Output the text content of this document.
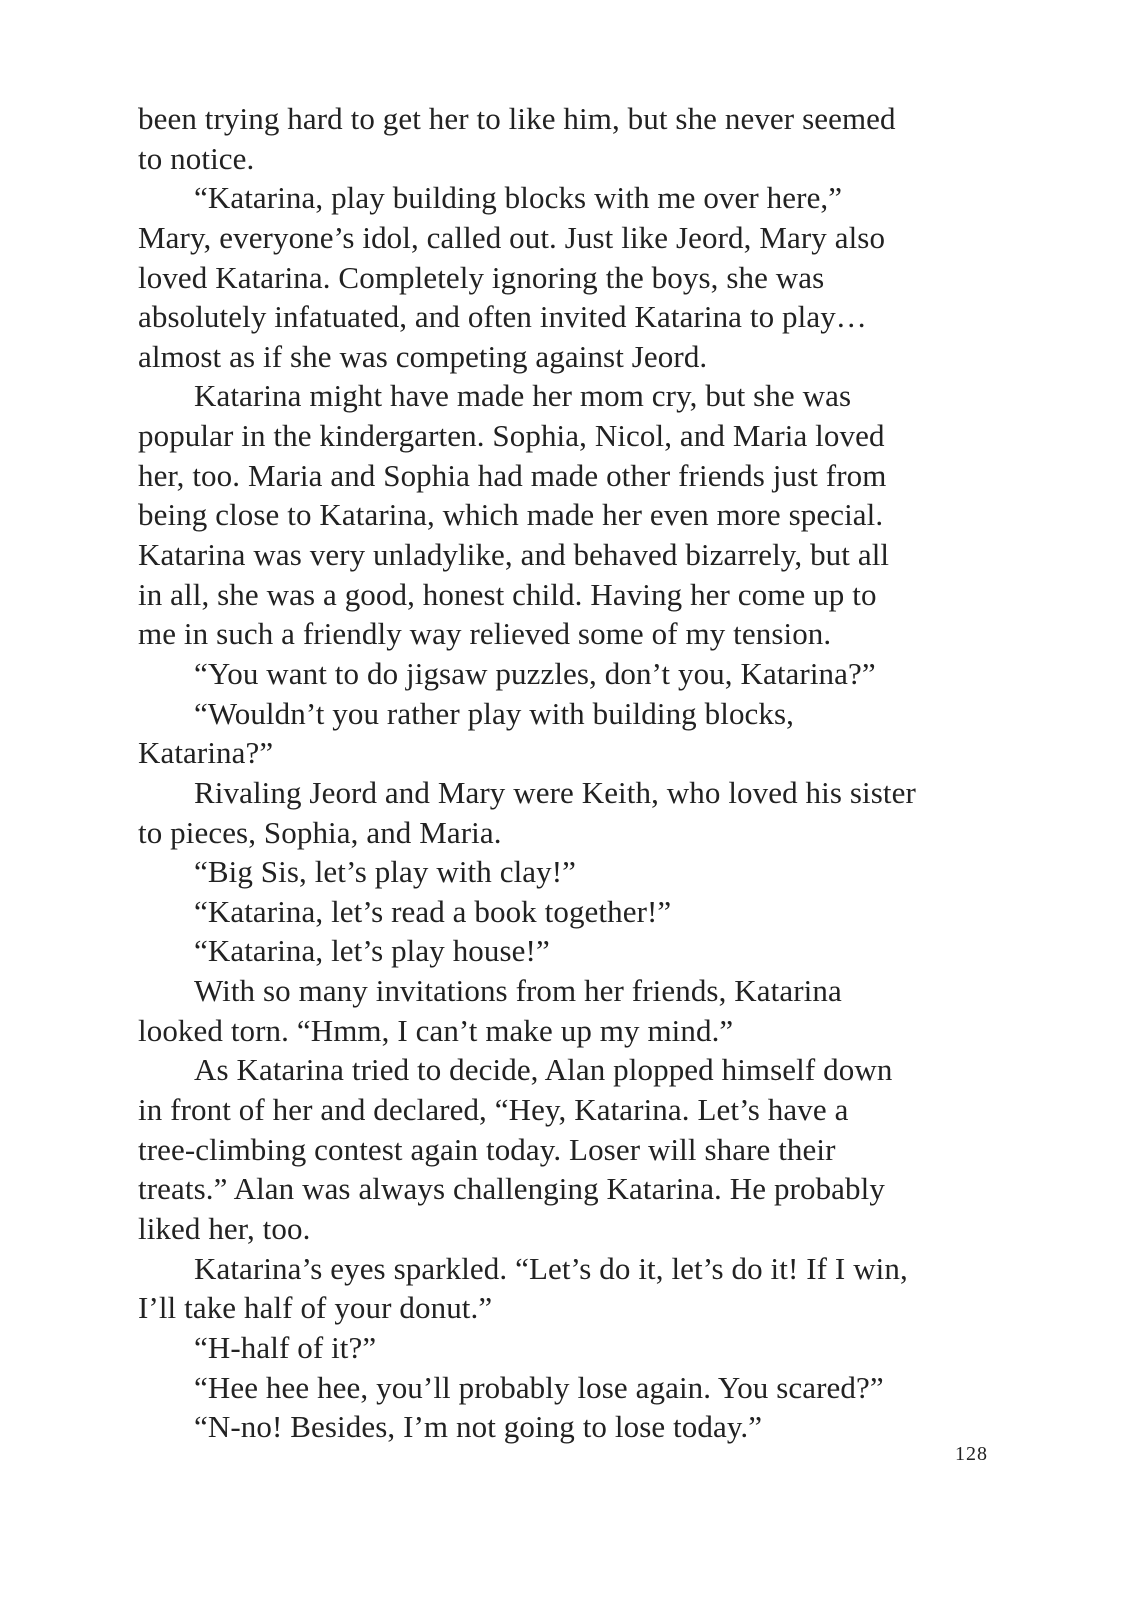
been trying hard to get her to like him, but she never seemed
to notice.

“Katarina, play building blocks with me over here,”
Mary, everyone’s idol, called out. Just like Jeord, Mary also
loved Katarina. Completely ignoring the boys, she was
absolutely infatuated, and often invited Katarina to play…
almost as if she was competing against Jeord.

Katarina might have made her mom cry, but she was
popular in the kindergarten. Sophia, Nicol, and Maria loved
her, too. Maria and Sophia had made other friends just from
being close to Katarina, which made her even more special.
Katarina was very unladylike, and behaved bizarrely, but all
in all, she was a good, honest child. Having her come up to
me in such a friendly way relieved some of my tension.

“You want to do jigsaw puzzles, don’t you, Katarina?”

“Wouldn’t you rather play with building blocks,
Katarina?”

Rivaling Jeord and Mary were Keith, who loved his sister
to pieces, Sophia, and Maria.

“Big Sis, let’s play with clay!”

“Katarina, let’s read a book together!”

“Katarina, let’s play house!”

With so many invitations from her friends, Katarina
looked torn. “Hmm, I can’t make up my mind.”

As Katarina tried to decide, Alan plopped himself down
in front of her and declared, “Hey, Katarina. Let’s have a
tree-climbing contest again today. Loser will share their
treats.” Alan was always challenging Katarina. He probably
liked her, too.

Katarina’s eyes sparkled. “Let’s do it, let’s do it! If I win,
I’ll take half of your donut.”

“H-half of it?”

“Hee hee hee, you’ll probably lose again. You scared?”

“N-no! Besides, I’m not going to lose today.”

128
